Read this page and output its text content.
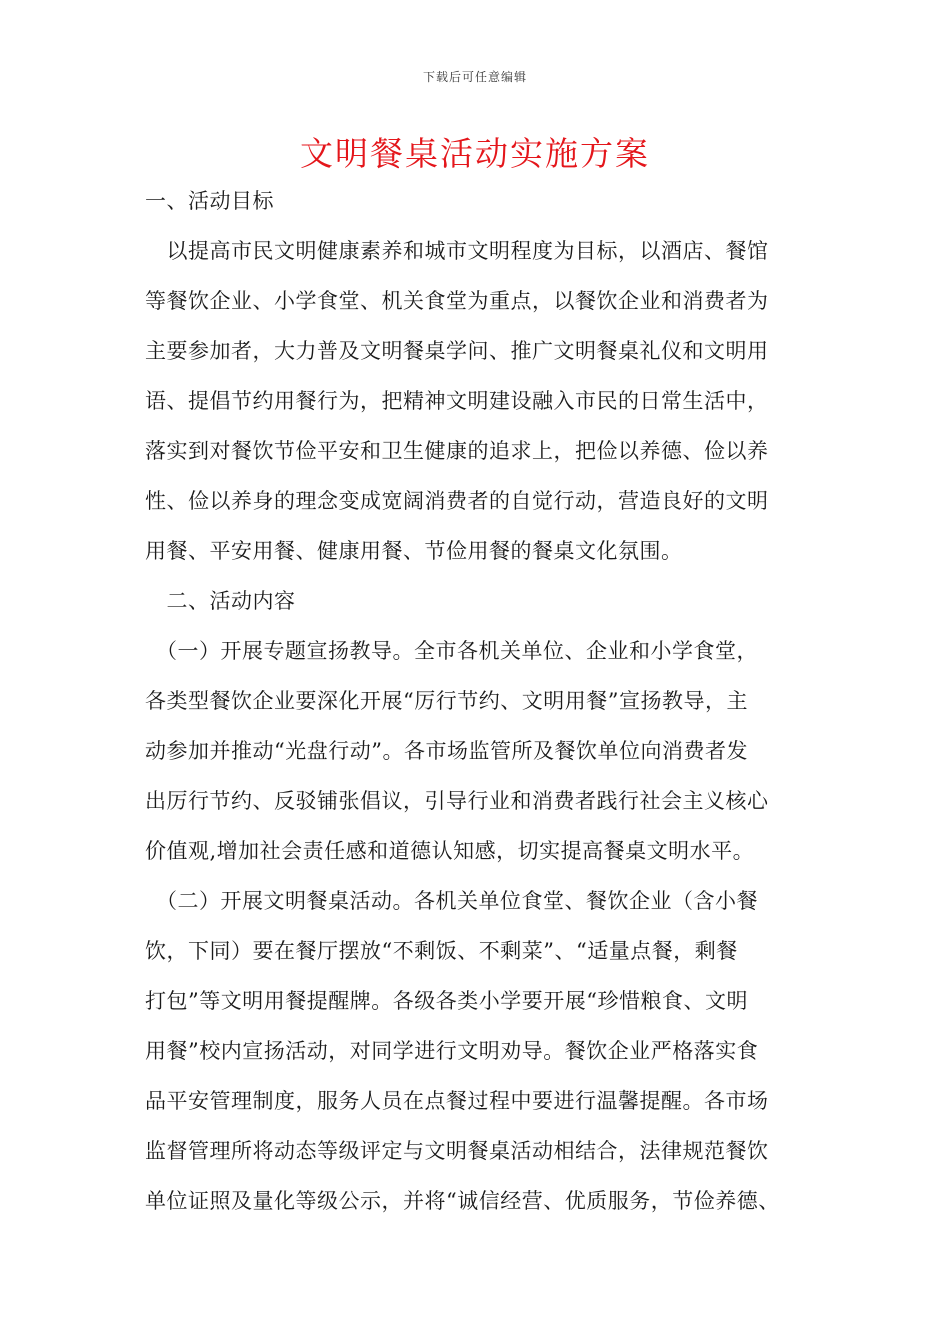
下载后可任意编辑
文明餐桌活动实施方案
一、活动目标
　以提高市民文明健康素养和城市文明程度为目标，以酒店、餐馆
等餐饮企业、小学食堂、机关食堂为重点，以餐饮企业和消费者为
主要参加者，大力普及文明餐桌学问、推广文明餐桌礼仪和文明用
语、提倡节约用餐行为，把精神文明建设融入市民的日常生活中，
落实到对餐饮节俭平安和卫生健康的追求上，把俭以养德、俭以养
性、俭以养身的理念变成宽阔消费者的自觉行动，营造良好的文明
用餐、平安用餐、健康用餐、节俭用餐的餐桌文化氛围。
　二、活动内容
　（一）开展专题宣扬教导。全市各机关单位、企业和小学食堂，
各类型餐饮企业要深化开展“厉行节约、文明用餐”宣扬教导，主
动参加并推动“光盘行动”。各市场监管所及餐饮单位向消费者发
出厉行节约、反驳铺张倡议，引导行业和消费者践行社会主义核心
价值观,增加社会责任感和道德认知感，切实提高餐桌文明水平。
　（二）开展文明餐桌活动。各机关单位食堂、餐饮企业（含小餐
饮，下同）要在餐厅摆放“不剩饭、不剩菜”、“适量点餐，剩餐
打包”等文明用餐提醒牌。各级各类小学要开展“珍惜粮食、文明
用餐”校内宣扬活动，对同学进行文明劝导。餐饮企业严格落实食
品平安管理制度，服务人员在点餐过程中要进行温馨提醒。各市场
监督管理所将动态等级评定与文明餐桌活动相结合，法律规范餐饮
单位证照及量化等级公示，并将“诚信经营、优质服务，节俭养德、
